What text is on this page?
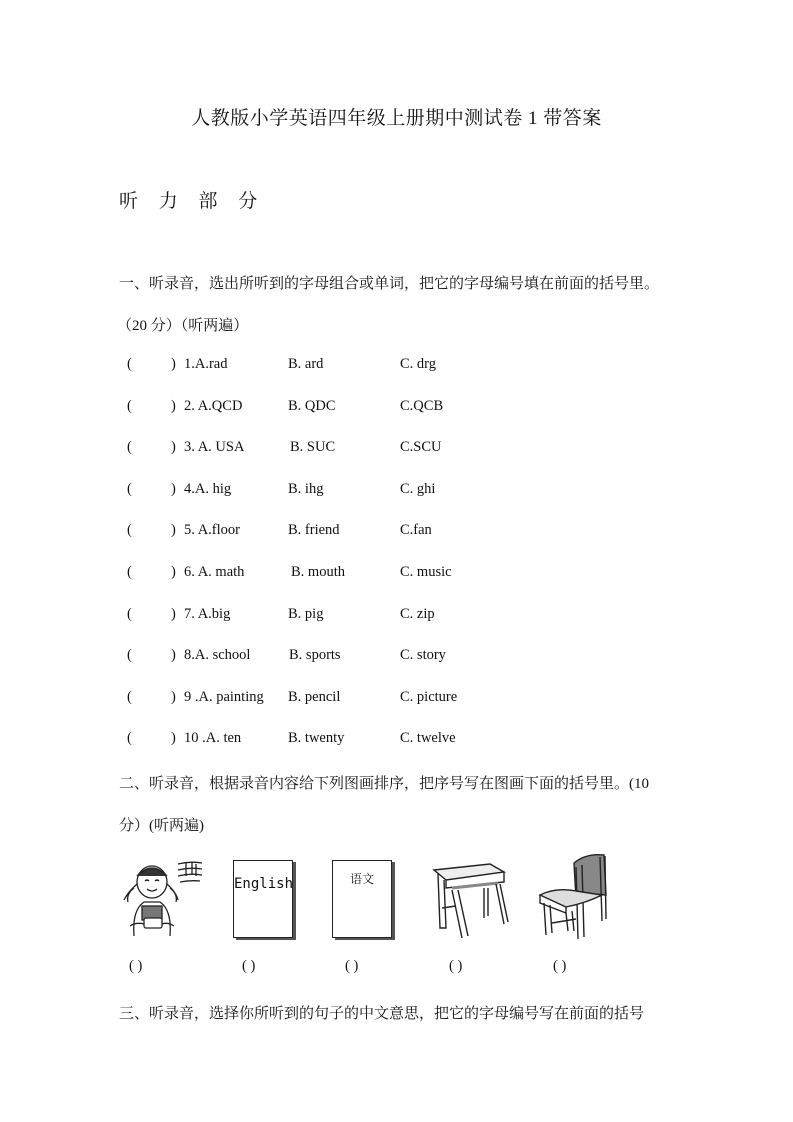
人教版小学英语四年级上册期中测试卷 1 带答案
听 力 部 分
一、听录音，选出所听到的字母组合或单词，把它的字母编号填在前面的括号里。
（20 分）（听两遍）
(	) 1.A.rad	B. ard	C. drg
(	) 2. A.QCD	B. QDC	C.QCB
(	) 3. A. USA	B. SUC	C.SCU
(	) 4.A. hig	B. ihg	C. ghi
(	) 5. A.floor	B. friend	C.fan
(	) 6. A. math	B. mouth	C. music
(	) 7. A.big	B. pig	C. zip
(	) 8.A. school	B. sports	C. story
(	) 9 .A. painting B. pencil	C. picture
(	) 10 .A. ten	B. twenty	C. twelve
二、听录音，根据录音内容给下列图画排序，把序号写在图画下面的括号里。(10
分）(听两遍)
English	语文
( )	( )	( )	( )	( )
三、听录音，选择你所听到的句子的中文意思，把它的字母编号写在前面的括号
